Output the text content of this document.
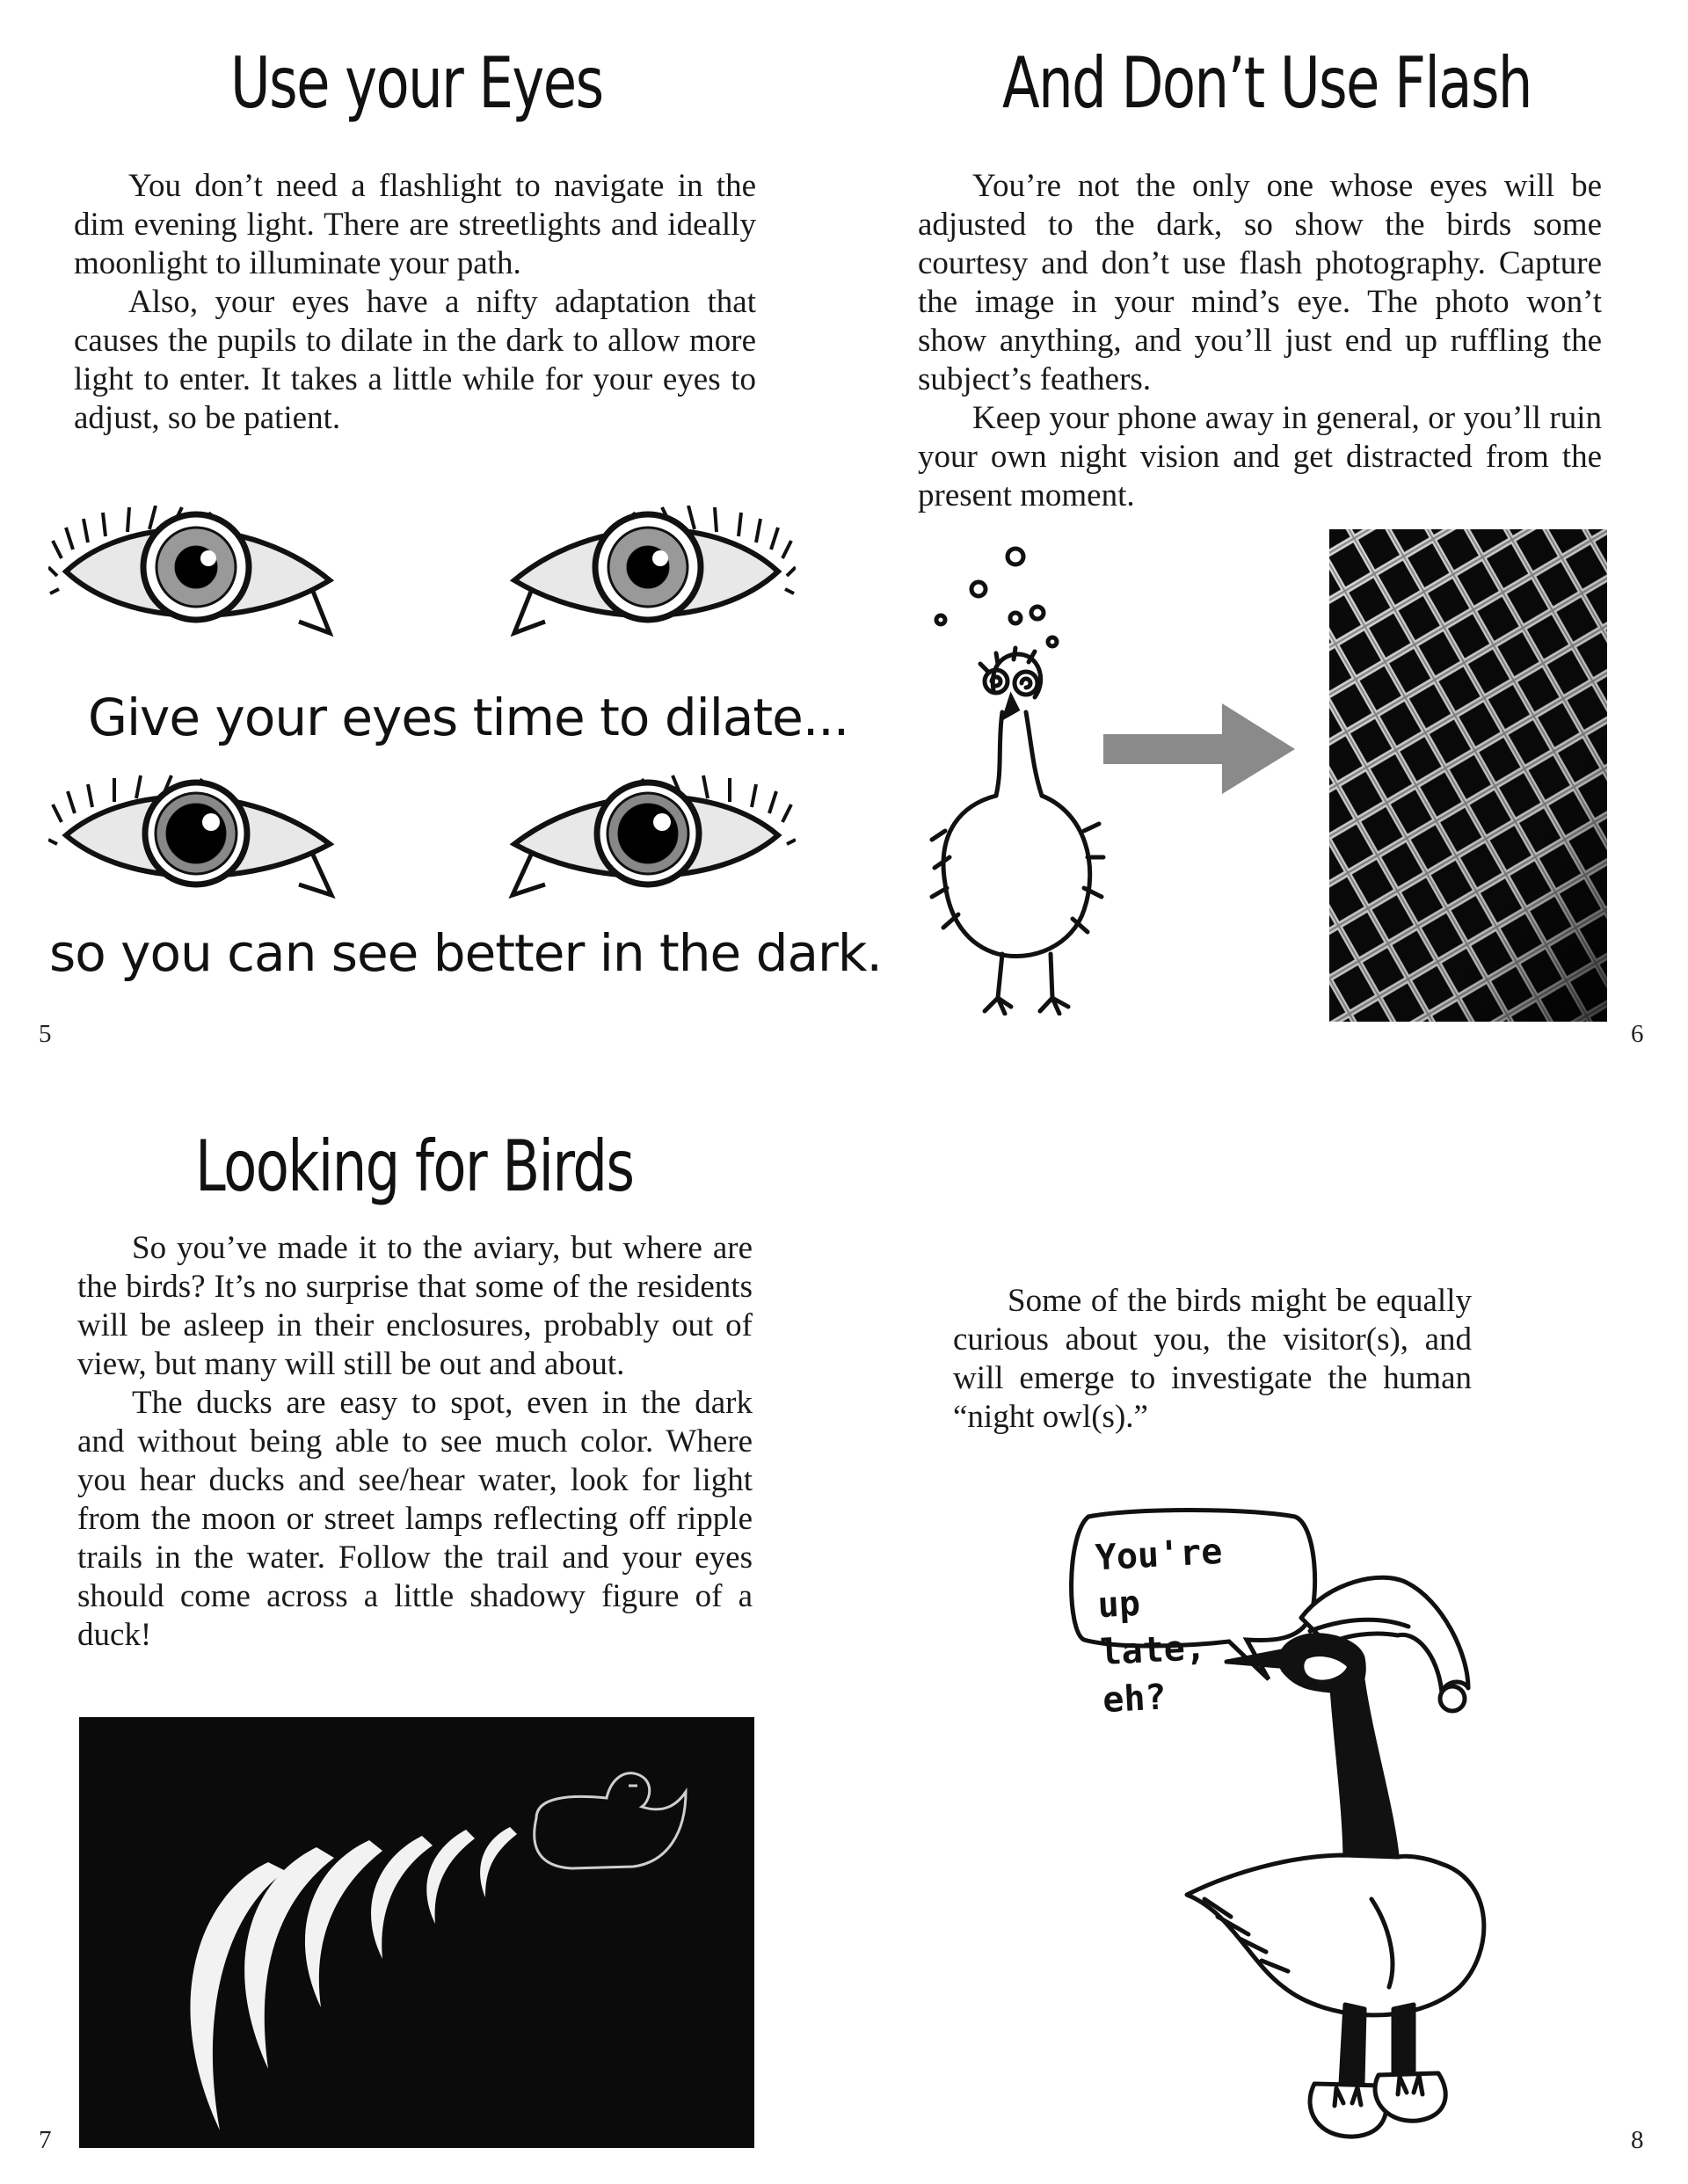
Use your Eyes

You don’t need a flashlight to navigate in the dim evening light. There are streetlights and ideally moonlight to illuminate your path.

Also, your eyes have a nifty adaptation that causes the pupils to dilate in the dark to allow more light to enter. It takes a little while for your eyes to adjust, so be patient.

Give your eyes time to dilate...
so you can see better in the dark.
5
And Don’t Use Flash

You’re not the only one whose eyes will be adjusted to the dark, so show the birds some courtesy and don’t use flash photography. Capture the image in your mind’s eye. The photo won’t show anything, and you’ll just end up ruffling the subject’s feathers.

Keep your phone away in general, or you’ll ruin your own night vision and get distracted from the present moment.

6
Looking for Birds

So you’ve made it to the aviary, but where are the birds? It’s no surprise that some of the residents will be asleep in their enclosures, probably out of view, but many will still be out and about.

The ducks are easy to spot, even in the dark and without being able to see much color. Where you hear ducks and see/hear water, look for light from the moon or street lamps reflecting off ripple trails in the water. Follow the trail and your eyes should come across a little shadowy figure of a duck!

7

Some of the birds might be equally curious about you, the visitor(s), and will emerge to investigate the human “night owl(s).”

You're up
late, eh?
8
